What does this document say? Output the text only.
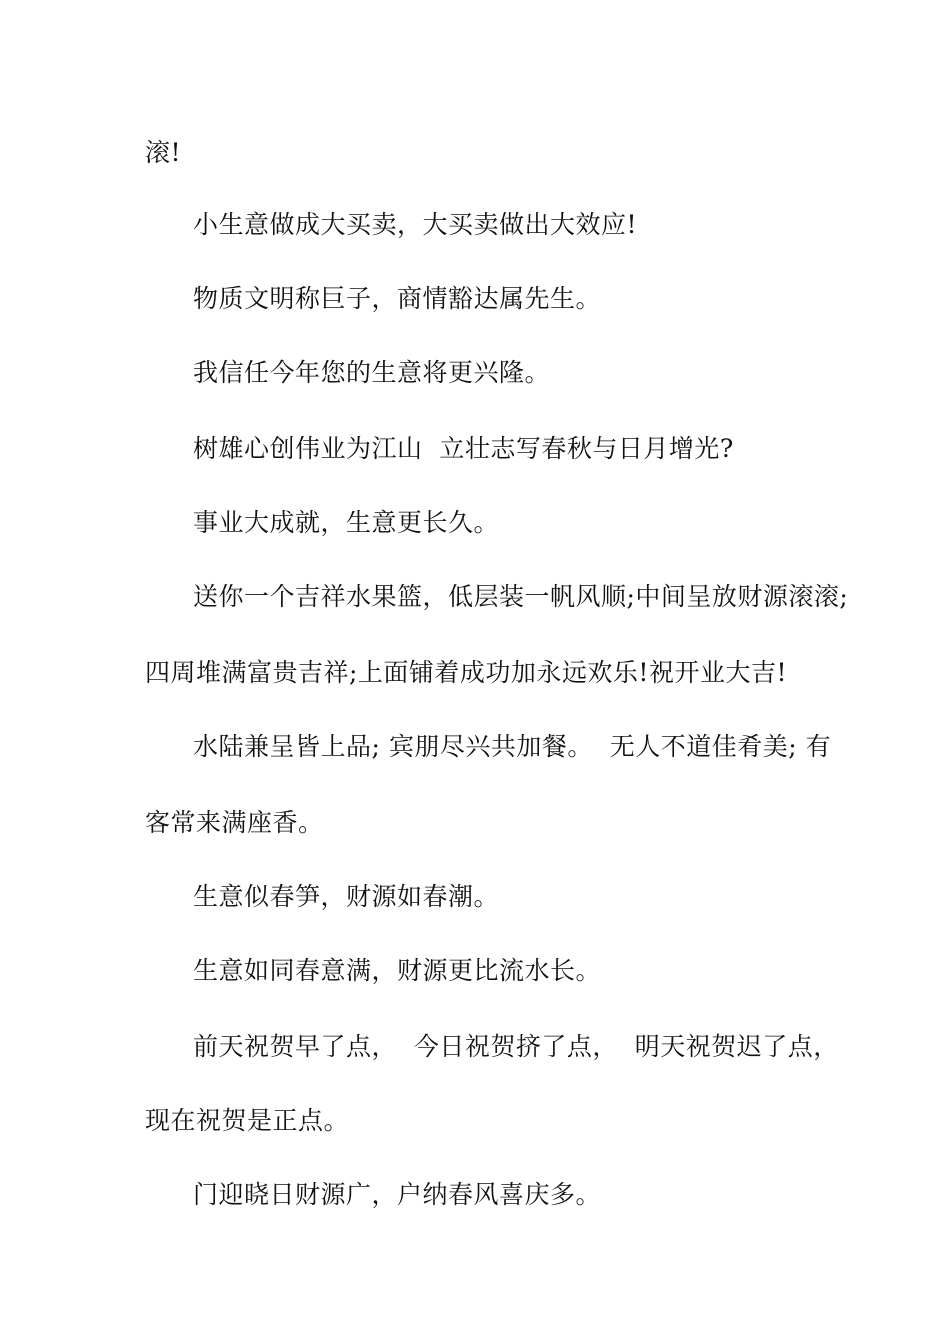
滚!
小生意做成大买卖，大买卖做出大效应!
物质文明称巨子，商情豁达属先生。
我信任今年您的生意将更兴隆。
树雄心创伟业为江山  立壮志写春秋与日月增光?
事业大成就，生意更长久。
送你一个吉祥水果篮，低层装一帆风顺;中间呈放财源滚滚;
四周堆满富贵吉祥;上面铺着成功加永远欢乐!祝开业大吉!
水陆兼呈皆上品; 宾朋尽兴共加餐。  无人不道佳肴美; 有
客常来满座香。
生意似春笋，财源如春潮。
生意如同春意满，财源更比流水长。
前天祝贺早了点，  今日祝贺挤了点，  明天祝贺迟了点，
现在祝贺是正点。
门迎晓日财源广，户纳春风喜庆多。
